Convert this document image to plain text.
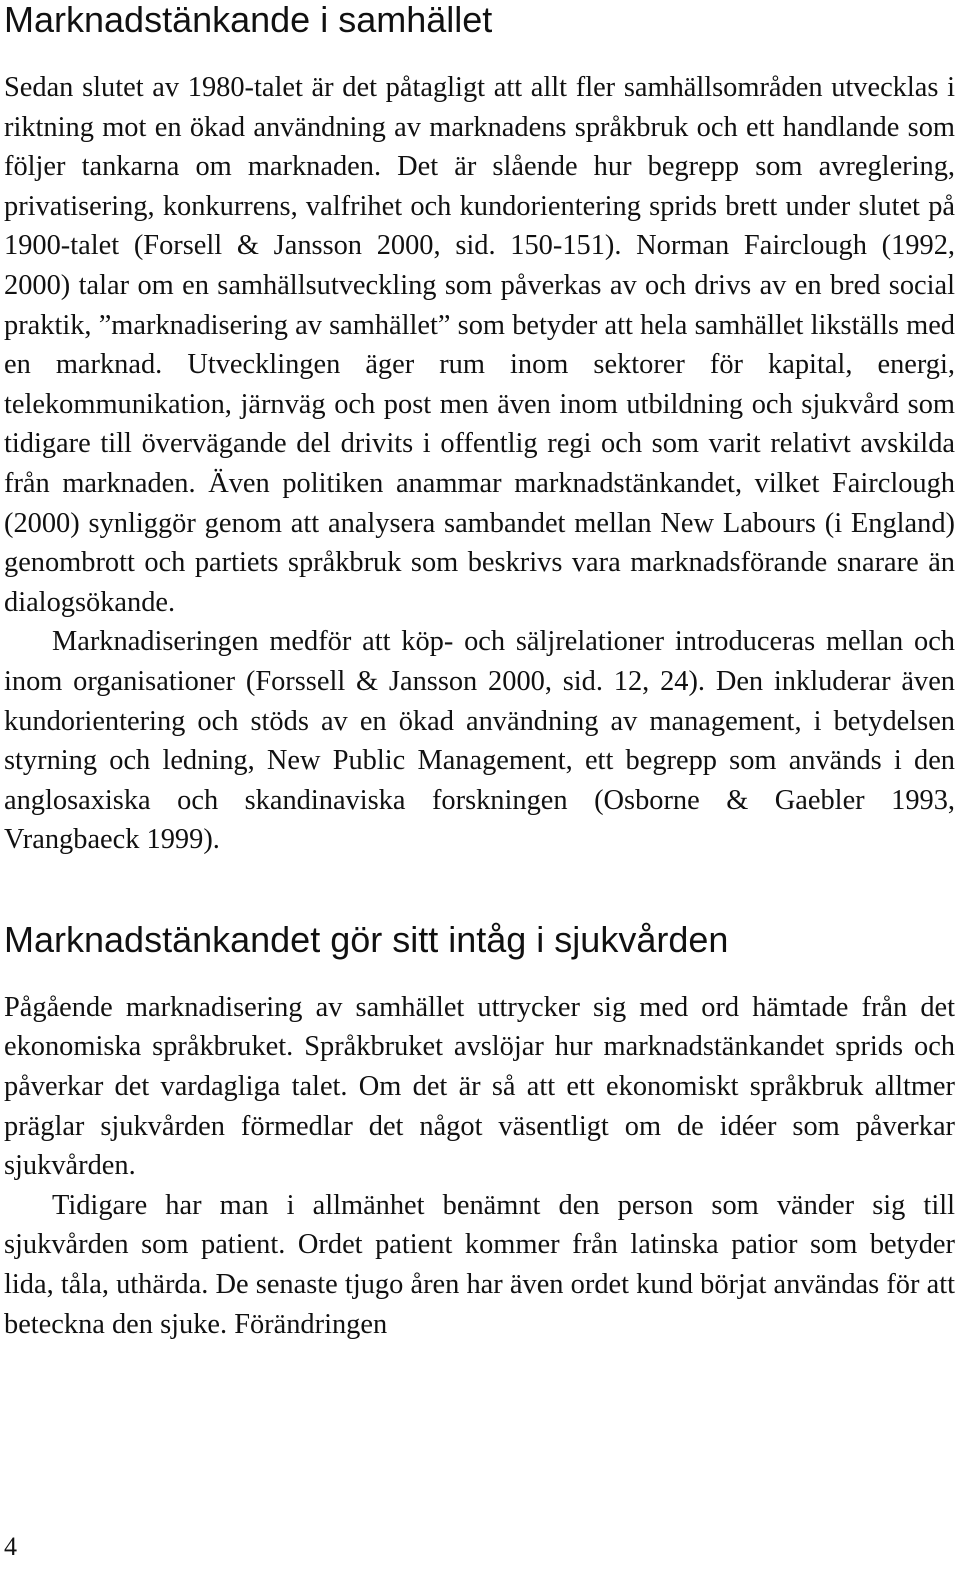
Marknadstänkande i samhället

Sedan slutet av 1980-talet är det påtagligt att allt fler samhällsområden utvecklas i riktning mot en ökad användning av marknadens språkbruk och ett handlande som följer tankarna om marknaden. Det är slående hur begrepp som avreglering, privatisering, konkurrens, valfrihet och kundorientering sprids brett under slutet på 1900-talet (Forsell & Jansson 2000, sid. 150-151). Norman Fairclough (1992, 2000) talar om en samhällsutveckling som påverkas av och drivs av en bred social praktik, ”marknadisering av samhället” som betyder att hela samhället likställs med en marknad. Utvecklingen äger rum inom sektorer för kapital, energi, telekommunikation, järnväg och post men även inom utbildning och sjukvård som tidigare till övervägande del drivits i offentlig regi och som varit relativt avskilda från marknaden. Även politiken anammar marknadstänkandet, vilket Fairclough (2000) synliggör genom att analysera sambandet mellan New Labours (i England) genombrott och partiets språkbruk som beskrivs vara marknadsförande snarare än dialogsökande.

Marknadiseringen medför att köp- och säljrelationer introduceras mellan och inom organisationer (Forssell & Jansson 2000, sid. 12, 24). Den inkluderar även kundorientering och stöds av en ökad användning av management, i betydelsen styrning och ledning, New Public Management, ett begrepp som används i den anglosaxiska och skandinaviska forskningen (Osborne & Gaebler 1993, Vrangbaeck 1999).

Marknadstänkandet gör sitt intåg i sjukvården

Pågående marknadisering av samhället uttrycker sig med ord hämtade från det ekonomiska språkbruket. Språkbruket avslöjar hur marknadstänkandet sprids och påverkar det vardagliga talet. Om det är så att ett ekonomiskt språkbruk alltmer präglar sjukvården förmedlar det något väsentligt om de idéer som påverkar sjukvården.

Tidigare har man i allmänhet benämnt den person som vänder sig till sjukvården som patient. Ordet patient kommer från latinska patior som betyder lida, tåla, uthärda. De senaste tjugo åren har även ordet kund börjat användas för att beteckna den sjuke. Förändringen

4
